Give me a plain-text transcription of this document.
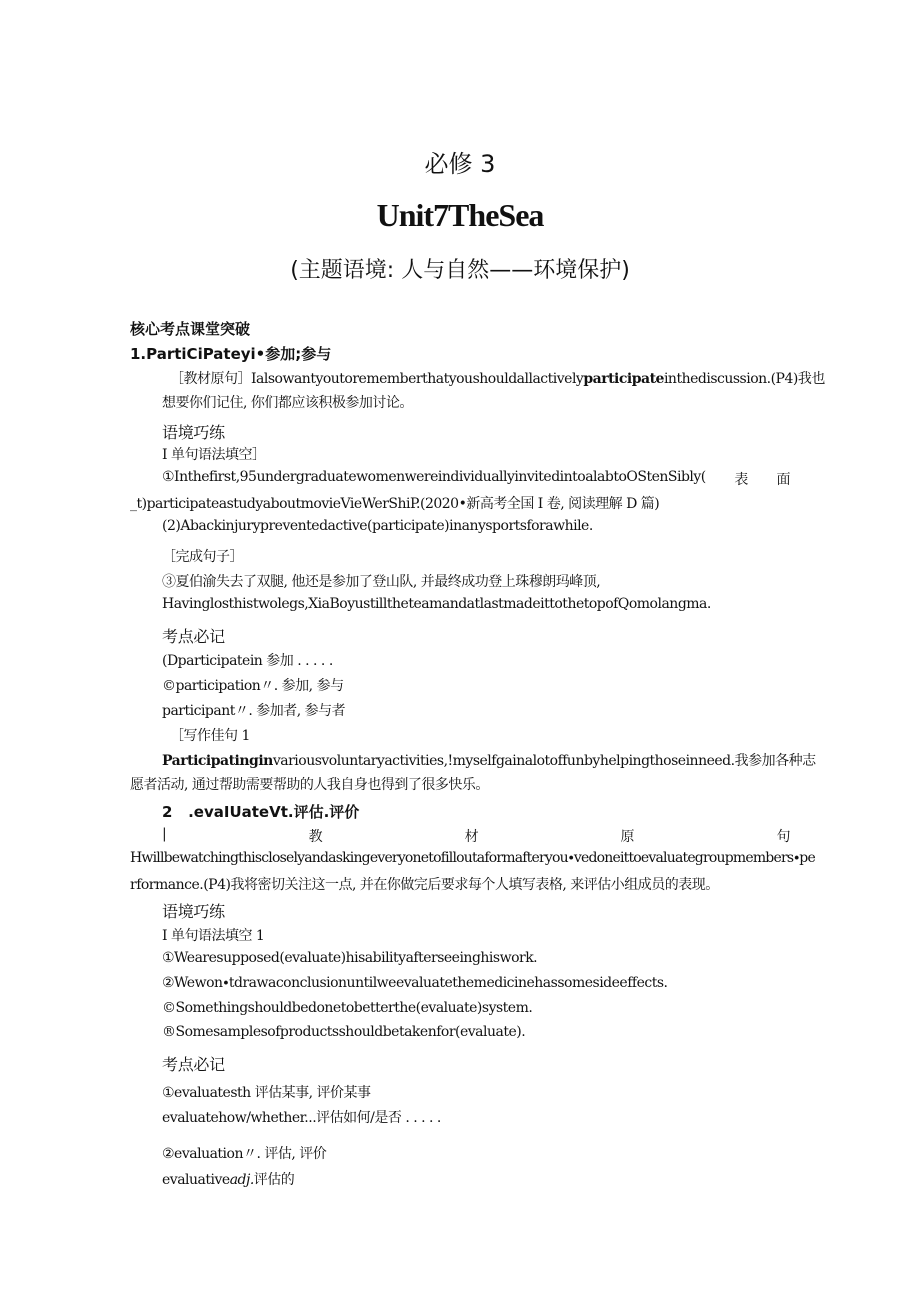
必修 3
Unit7TheSea
(主题语境: 人与自然——环境保护)
核心考点课堂突破
1.PartiCiPateyi•参加;参与
［教材原句］Ialsowantyoutorememberthatyoushouldallactivelyparticipateinthediscussion.(P4)我也
想要你们记住, 你们都应该积极参加讨论。
语境巧练
I 单句语法填空］
①Inthefirst,95undergraduatewomenwereindividuallyinvitedintoalabtoOStenSibly( 表 面
_t)participateastudyaboutmovieVieWerShiP.(2020•新高考全国 I 卷, 阅读理解 D 篇)
(2)Abackinjurypreventedactive(participate)inanysportsforawhile.
［完成句子］
③夏伯渝失去了双腿, 他还是参加了登山队, 并最终成功登上珠穆朗玛峰顶,
Havinglosthistwolegs,XiaBoyustilltheteamandatlastmadeittothetopofQomolangma.
考点必记
(Dparticipatein 参加 . . . . .
©participation〃. 参加, 参与
participant〃. 参加者, 参与者
［写作佳句 1
Participatinginvariousvoluntaryactivities,!myselfgainalotoffunbyhelpingthoseinneed.我参加各种志
愿者活动, 通过帮助需要帮助的人我自身也得到了很多快乐。
2 .evaIUateVt.评估.评价
|	教	材	原	句
Hwillbewatchingthiscloselyandaskingeveryonetofilloutaformafteryou∙vedoneittoevaluategroupmembers∙pe
rformance.(P4)我将密切关注这一点, 并在你做完后要求每个人填写表格, 来评估小组成员的表现。
语境巧练
I 单句语法填空 1
①Wearesupposed(evaluate)hisabilityafterseeinghiswork.
②Wewon∙tdrawaconclusionuntilweevaluatethemedicinehassomesideeffects.
©Somethingshouldbedonetobetterthe(evaluate)system.
®Somesamplesofproductsshouldbetakenfor(evaluate).
考点必记
①evaluatesth 评估某事, 评价某事
evaluatehow/whether...评估如何/是否 . . . . .
②evaluation〃. 评估, 评价
evaluativeadj.评估的
